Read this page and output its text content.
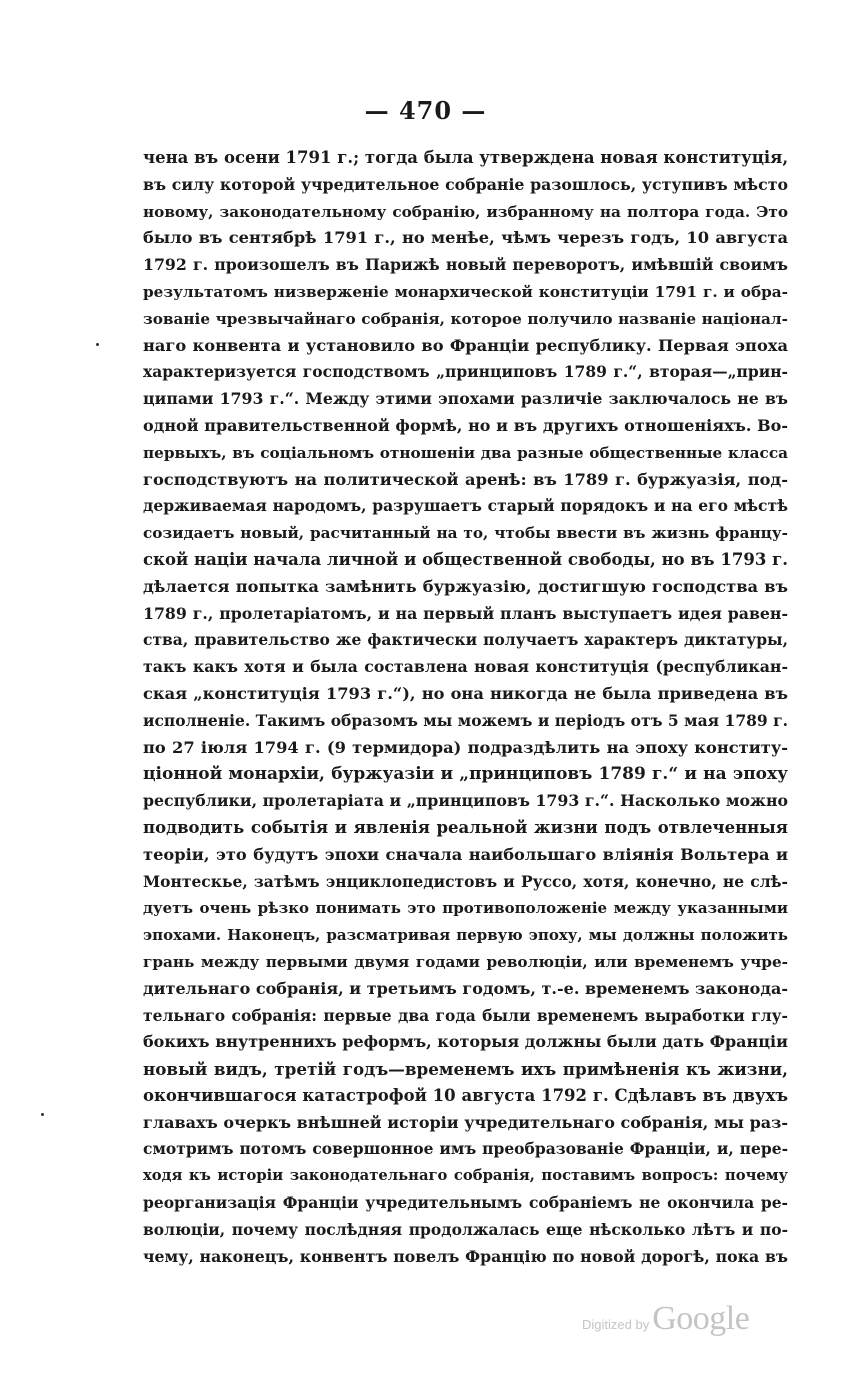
— 470 —
чена въ осени 1791 г.; тогда была утверждена новая конституція,
въ силу которой учредительное собраніе разошлось, уступивъ мѣсто
новому, законодательному собранію, избранному на полтора года. Это
было въ сентябрѣ 1791 г., но менѣе, чѣмъ черезъ годъ, 10 августа
1792 г. произошелъ въ Парижѣ новый переворотъ, имѣвшій своимъ
результатомъ низверженіе монархической конституціи 1791 г. и обра-
зованіе чрезвычайнаго собранія, которое получило названіе націонал-
наго конвента и установило во Франціи республику. Первая эпоха
характеризуется господствомъ „принциповъ 1789 г.“, вторая—„прин-
ципами 1793 г.“. Между этими эпохами различіе заключалось не въ
одной правительственной формѣ, но и въ другихъ отношеніяхъ. Во-
первыхъ, въ соціальномъ отношеніи два разные общественные класса
господствуютъ на политической аренѣ: въ 1789 г. буржуазія, под-
держиваемая народомъ, разрушаетъ старый порядокъ и на его мѣстѣ
созидаетъ новый, расчитанный на то, чтобы ввести въ жизнь францу-
ской націи начала личной и общественной свободы, но въ 1793 г.
дѣлается попытка замѣнить буржуазію, достигшую господства въ
1789 г., пролетаріатомъ, и на первый планъ выступаетъ идея равен-
ства, правительство же фактически получаетъ характеръ диктатуры,
такъ какъ хотя и была составлена новая конституція (республикан-
ская „конституція 1793 г.“), но она никогда не была приведена въ
исполненіе. Такимъ образомъ мы можемъ и періодъ отъ 5 мая 1789 г.
по 27 іюля 1794 г. (9 термидора) подраздѣлить на эпоху конститу-
ціонной монархіи, буржуазіи и „принциповъ 1789 г.“ и на эпоху
республики, пролетаріата и „принциповъ 1793 г.“. Насколько можно
подводить событія и явленія реальной жизни подъ отвлеченныя
теоріи, это будутъ эпохи сначала наибольшаго вліянія Вольтера и
Монтескье, затѣмъ энциклопедистовъ и Руссо, хотя, конечно, не слѣ-
дуетъ очень рѣзко понимать это противоположеніе между указанными
эпохами. Наконецъ, разсматривая первую эпоху, мы должны положить
грань между первыми двумя годами революціи, или временемъ учре-
дительнаго собранія, и третьимъ годомъ, т.-е. временемъ законода-
тельнаго собранія: первые два года были временемъ выработки глу-
бокихъ внутреннихъ реформъ, которыя должны были дать Франціи
новый видъ, третій годъ—временемъ ихъ примѣненія къ жизни,
окончившагося катастрофой 10 августа 1792 г. Сдѣлавъ въ двухъ
главахъ очеркъ внѣшней исторіи учредительнаго собранія, мы раз-
смотримъ потомъ совершонное имъ преобразованіе Франціи, и, пере-
ходя къ исторіи законодательнаго собранія, поставимъ вопросъ: почему
реорганизація Франціи учредительнымъ собраніемъ не окончила ре-
волюціи, почему послѣдняя продолжалась еще нѣсколько лѣтъ и по-
чему, наконецъ, конвентъ повелъ Францію по новой дорогѣ, пока въ
Digitized by Google
